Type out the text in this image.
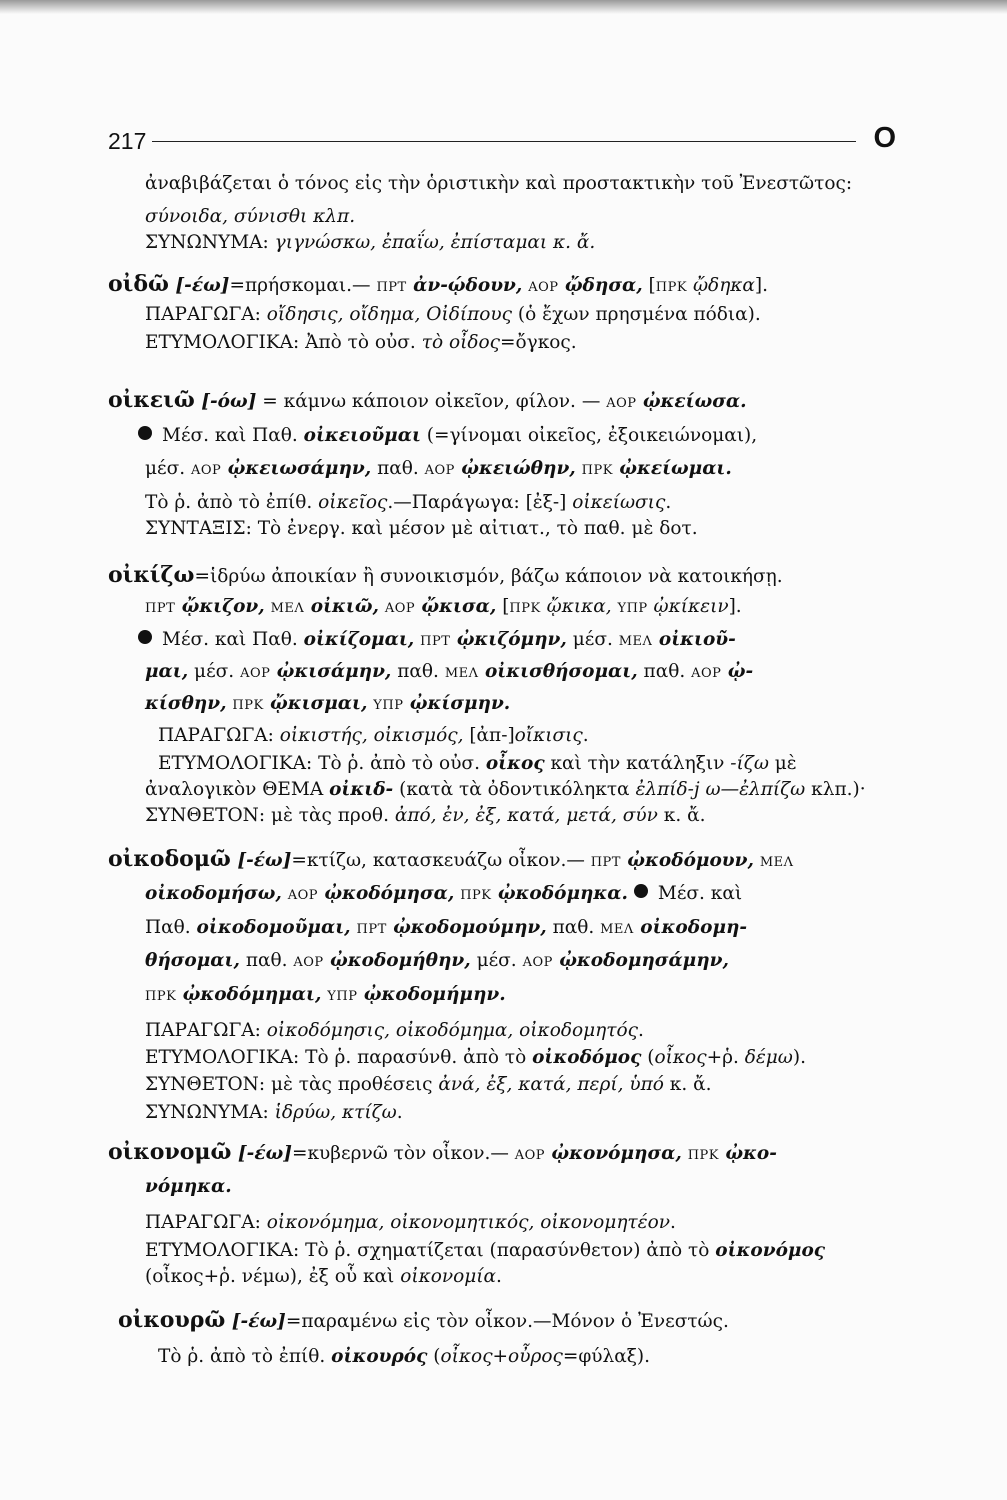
217	O
ἀναβιβάζεται ὁ τόνος εἰς τὴν ὁριστικὴν καὶ προστακτικὴν τοῦ Ἐνεστῶτος:
σύνοιδα, σύνισθι κλπ.
ΣΥΝΩΝΥΜΑ: γιγνώσκω, ἐπαΐω, ἐπίσταμαι κ. ἄ.
οἰδῶ [-έω]=πρήσκομαι.— ΠΡΤ ἀν-ῴδουν, ΑΟΡ ᾤδησα, [ΠΡΚ ᾤδηκα].
ΠΑΡΑΓΩΓΑ: οἴδησις, οἴδημα, Οἰδίπους (ὁ ἔχων πρησμένα πόδια).
ΕΤΥΜΟΛΟΓΙΚΑ: Ἀπὸ τὸ οὐσ. τὸ οἶδος=ὄγκος.
οἰκειῶ [-όω] = κάμνω κάποιον οἰκεῖον, φίλον. — ΑΟΡ ᾠκείωσα.
Μέσ. καὶ Παθ. οἰκειοῦμαι (=γίνομαι οἰκεῖος, ἐξοικειώνομαι),
μέσ. ΑΟΡ ᾠκειωσάμην, παθ. ΑΟΡ ᾠκειώθην, ΠΡΚ ᾠκείωμαι.
Τὸ ῥ. ἀπὸ τὸ ἐπίθ. οἰκεῖος.—Παράγωγα: [ἐξ-] οἰκείωσις.
ΣΥΝΤΑΞΙΣ: Τὸ ἐνεργ. καὶ μέσον μὲ αἰτιατ., τὸ παθ. μὲ δοτ.
οἰκίζω=ἱδρύω ἀποικίαν ἢ συνοικισμόν, βάζω κάποιον νὰ κατοικήσῃ.
ΠΡΤ ᾤκιζον, ΜΕΛ οἰκιῶ, ΑΟΡ ᾤκισα, [ΠΡΚ ᾤκικα, ΥΠΡ ᾠκίκειν].
Μέσ. καὶ Παθ. οἰκίζομαι, ΠΡΤ ᾠκιζόμην, μέσ. ΜΕΛ οἰκιοῦ-
μαι, μέσ. ΑΟΡ ᾠκισάμην, παθ. ΜΕΛ οἰκισθήσομαι, παθ. ΑΟΡ ᾠ-
κίσθην, ΠΡΚ ᾤκισμαι, ΥΠΡ ᾠκίσμην.
ΠΑΡΑΓΩΓΑ: οἰκιστής, οἰκισμός, [ἀπ-]οἴκισις.
ΕΤΥΜΟΛΟΓΙΚΑ: Τὸ ῥ. ἀπὸ τὸ οὐσ. οἶκος καὶ τὴν κατάληξιν -ίζω μὲ
ἀναλογικὸν ΘΕΜΑ οἰκιδ- (κατὰ τὰ ὀδοντικόληκτα ἐλπίδ-j ω—ἐλπίζω κλπ.)·
ΣΥΝΘΕΤΟΝ: μὲ τὰς προθ. ἀπό, ἐν, ἐξ, κατά, μετά, σύν κ. ἄ.
οἰκοδομῶ [-έω]=κτίζω, κατασκευάζω οἶκον.— ΠΡΤ ᾠκοδόμουν, ΜΕΛ
οἰκοδομήσω, ΑΟΡ ᾠκοδόμησα, ΠΡΚ ᾠκοδόμηκα. Μέσ. καὶ
Παθ. οἰκοδομοῦμαι, ΠΡΤ ᾠκοδομούμην, παθ. ΜΕΛ οἰκοδομη-
θήσομαι, παθ. ΑΟΡ ᾠκοδομήθην, μέσ. ΑΟΡ ᾠκοδομησάμην,
ΠΡΚ ᾠκοδόμημαι, ΥΠΡ ᾠκοδομήμην.
ΠΑΡΑΓΩΓΑ: οἰκοδόμησις, οἰκοδόμημα, οἰκοδομητός.
ΕΤΥΜΟΛΟΓΙΚΑ: Τὸ ῥ. παρασύνθ. ἀπὸ τὸ οἰκοδόμος (οἶκος+ῥ. δέμω).
ΣΥΝΘΕΤΟΝ: μὲ τὰς προθέσεις ἀνά, ἐξ, κατά, περί, ὑπό κ. ἄ.
ΣΥΝΩΝΥΜΑ: ἱδρύω, κτίζω.
οἰκονομῶ [-έω]=κυβερνῶ τὸν οἶκον.— ΑΟΡ ᾠκονόμησα, ΠΡΚ ᾠκο-
νόμηκα.
ΠΑΡΑΓΩΓΑ: οἰκονόμημα, οἰκονομητικός, οἰκονομητέον.
ΕΤΥΜΟΛΟΓΙΚΑ: Τὸ ῥ. σχηματίζεται (παρασύνθετον) ἀπὸ τὸ οἰκονόμος
(οἶκος+ῥ. νέμω), ἐξ οὗ καὶ οἰκονομία.
οἰκουρῶ [-έω]=παραμένω εἰς τὸν οἶκον.—Μόνον ὁ Ἐνεστώς.
Τὸ ῥ. ἀπὸ τὸ ἐπίθ. οἰκουρός (οἶκος+οὖρος=φύλαξ).
